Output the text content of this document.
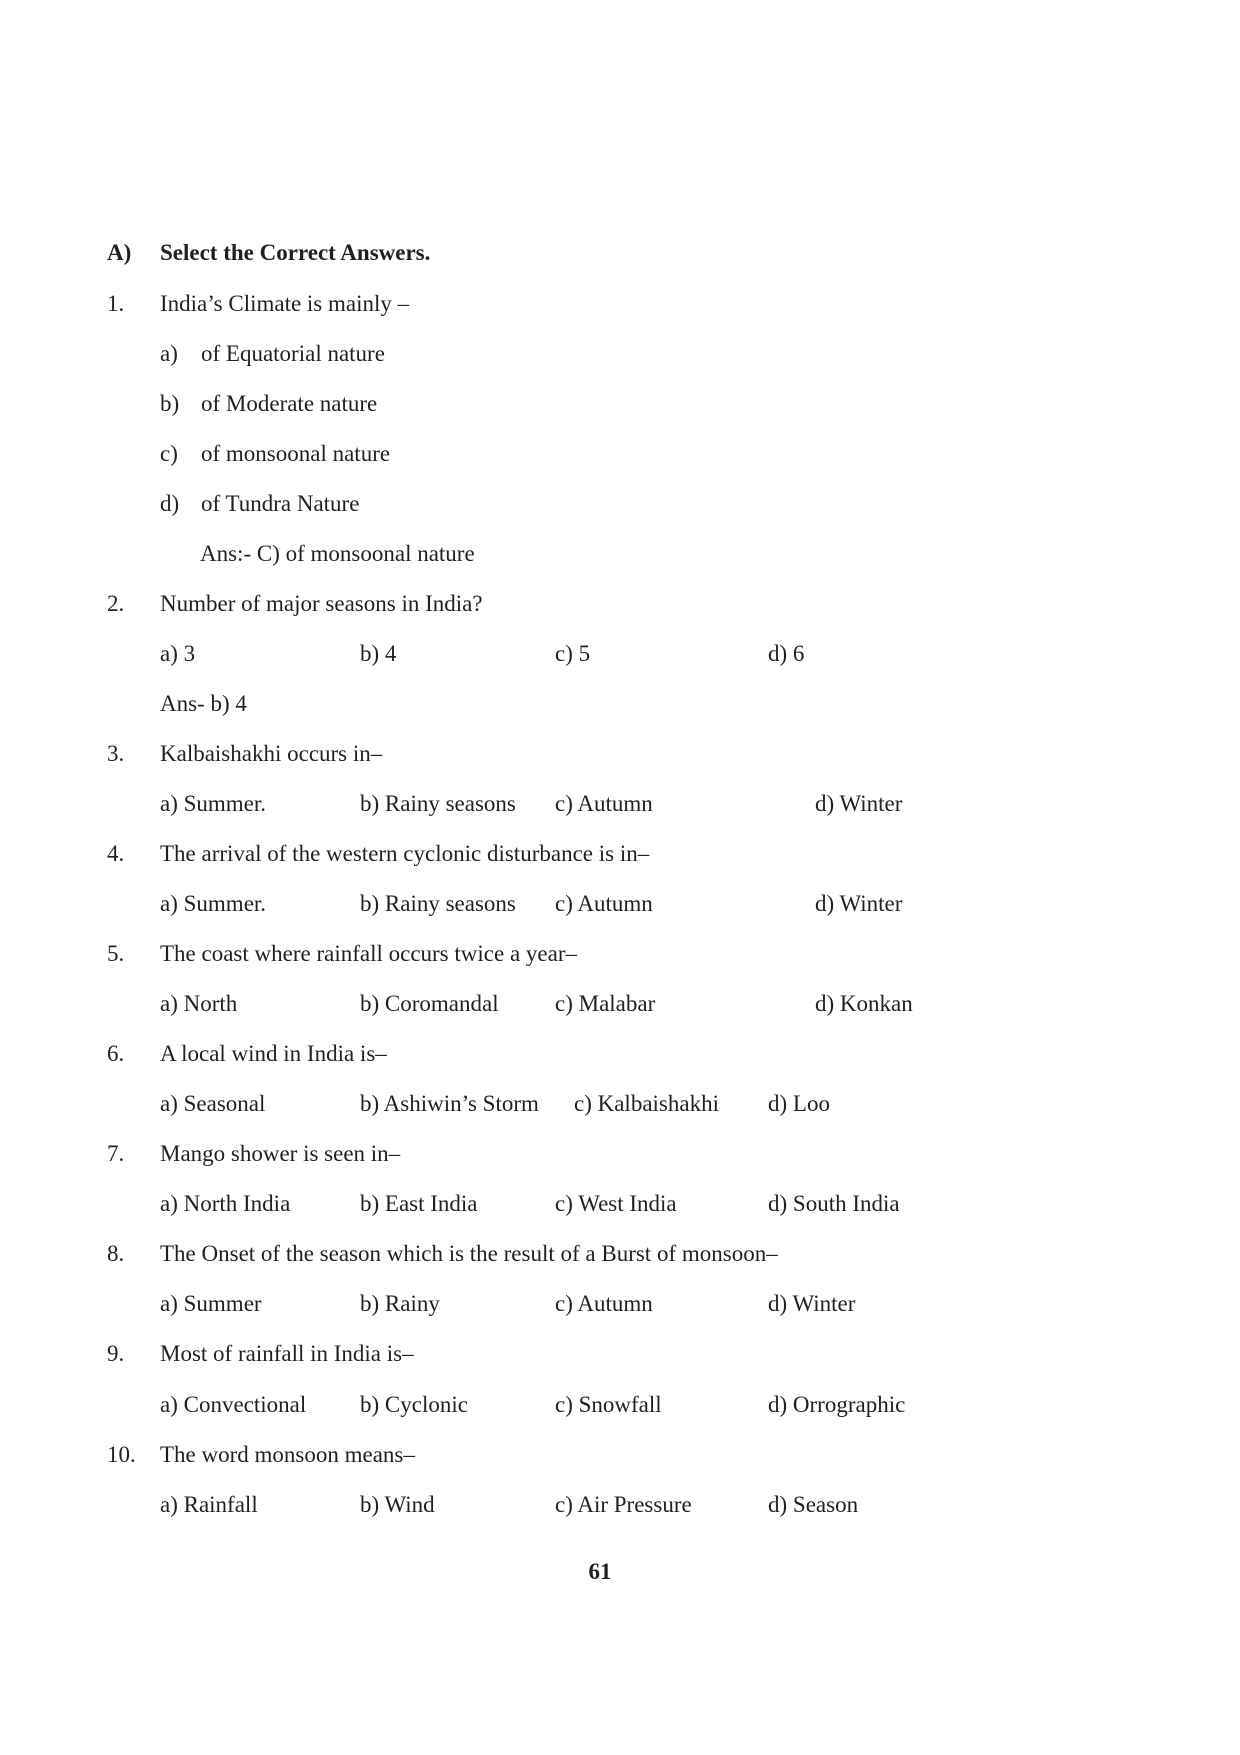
A) Select the Correct Answers.
1. India’s Climate is mainly –
a) of Equatorial nature
b) of Moderate nature
c) of monsoonal nature
d) of Tundra Nature
Ans:- C) of monsoonal nature
2. Number of major seasons in India?
a) 3	b) 4	c) 5	d) 6
Ans- b) 4
3. Kalbaishakhi occurs in–
a) Summer.	b) Rainy seasons c) Autumn	d) Winter
4. The arrival of the western cyclonic disturbance is in–
a) Summer.	b) Rainy seasons c) Autumn	d) Winter
5. The coast where rainfall occurs twice a year–
a) North	b) Coromandal c) Malabar	d) Konkan
6. A local wind in India is–
a) Seasonal	b) Ashiwin’s Storm c) Kalbaishakhi d) Loo
7. Mango shower is seen in–
a) North India	b) East India	c) West India	d) South India
8. The Onset of the season which is the result of a Burst of monsoon–
a) Summer	b) Rainy	c) Autumn	d) Winter
9. Most of rainfall in India is–
a) Convectional b) Cyclonic	c) Snowfall	d) Orrographic
10. The word monsoon means–
a) Rainfall	b) Wind	c) Air Pressure	d) Season
61
